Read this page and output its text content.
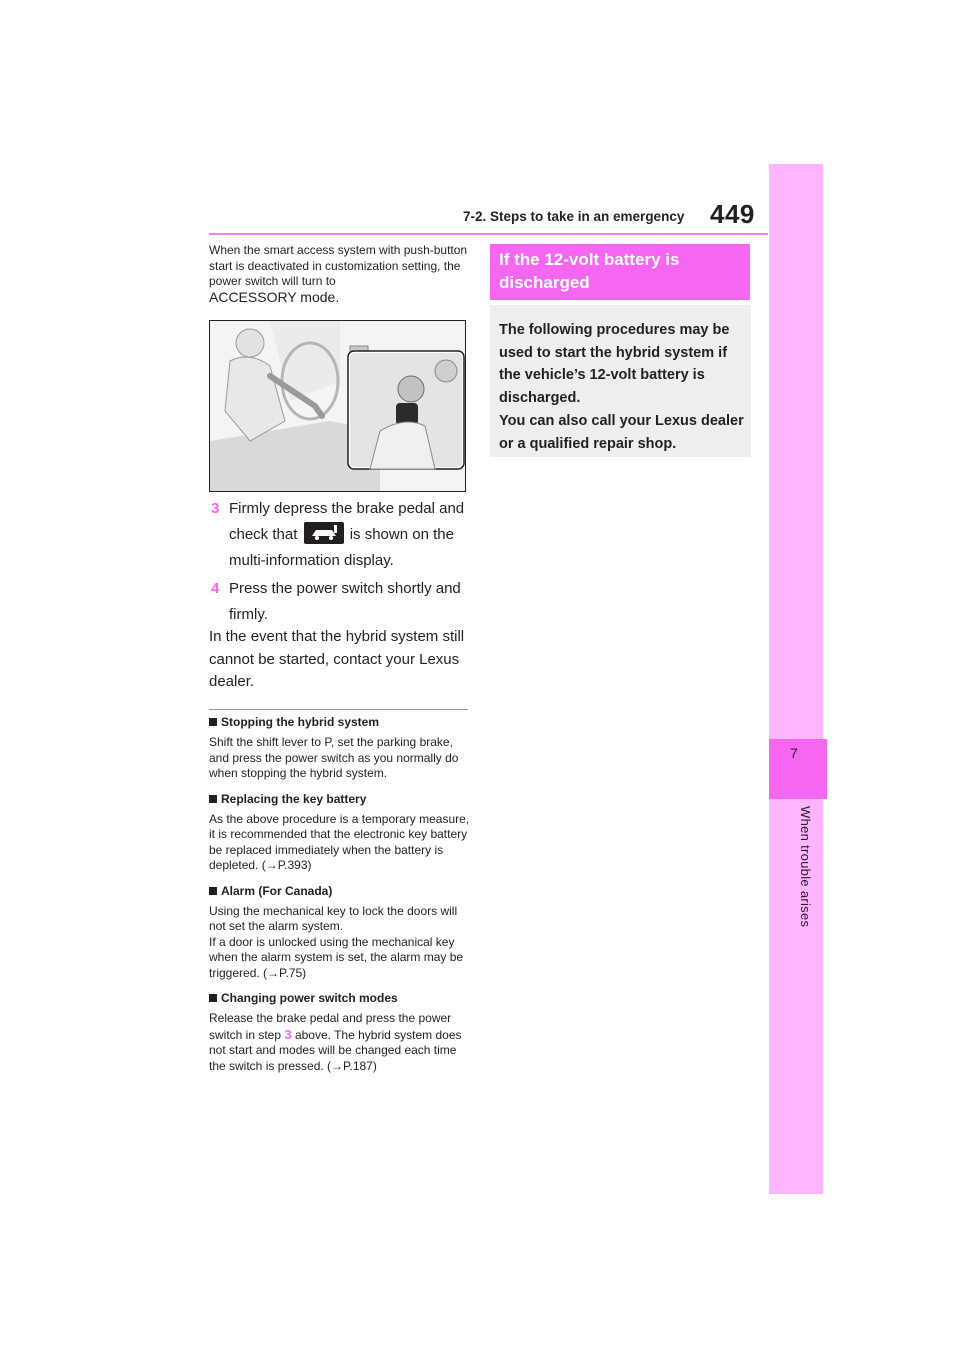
7-2. Steps to take in an emergency 449
7
When trouble arises

When the smart access system with push-button start is deactivated in customization setting, the power switch will turn to
ACCESSORY mode.

3 Firmly depress the brake pedal and check that	is shown on the multi-information display.
4 Press the power switch shortly and firmly.
In the event that the hybrid system still cannot be started, contact your Lexus dealer.

Stopping the hybrid system

Shift the shift lever to P, set the parking brake, and press the power switch as you normally do when stopping the hybrid system.

Replacing the key battery

As the above procedure is a temporary measure, it is recommended that the electronic key battery be replaced immediately when the battery is depleted. (→P.393)

Alarm (For Canada)

Using the mechanical key to lock the doors will not set the alarm system.
If a door is unlocked using the mechanical key when the alarm system is set, the alarm may be triggered. (→P.75)

Changing power switch modes

Release the brake pedal and press the power switch in step 3 above. The hybrid system does not start and modes will be changed each time the switch is pressed. (→P.187)

If the 12-volt battery is discharged
The following procedures may be used to start the hybrid system if the vehicle’s 12-volt battery is discharged.
You can also call your Lexus dealer or a qualified repair shop.
